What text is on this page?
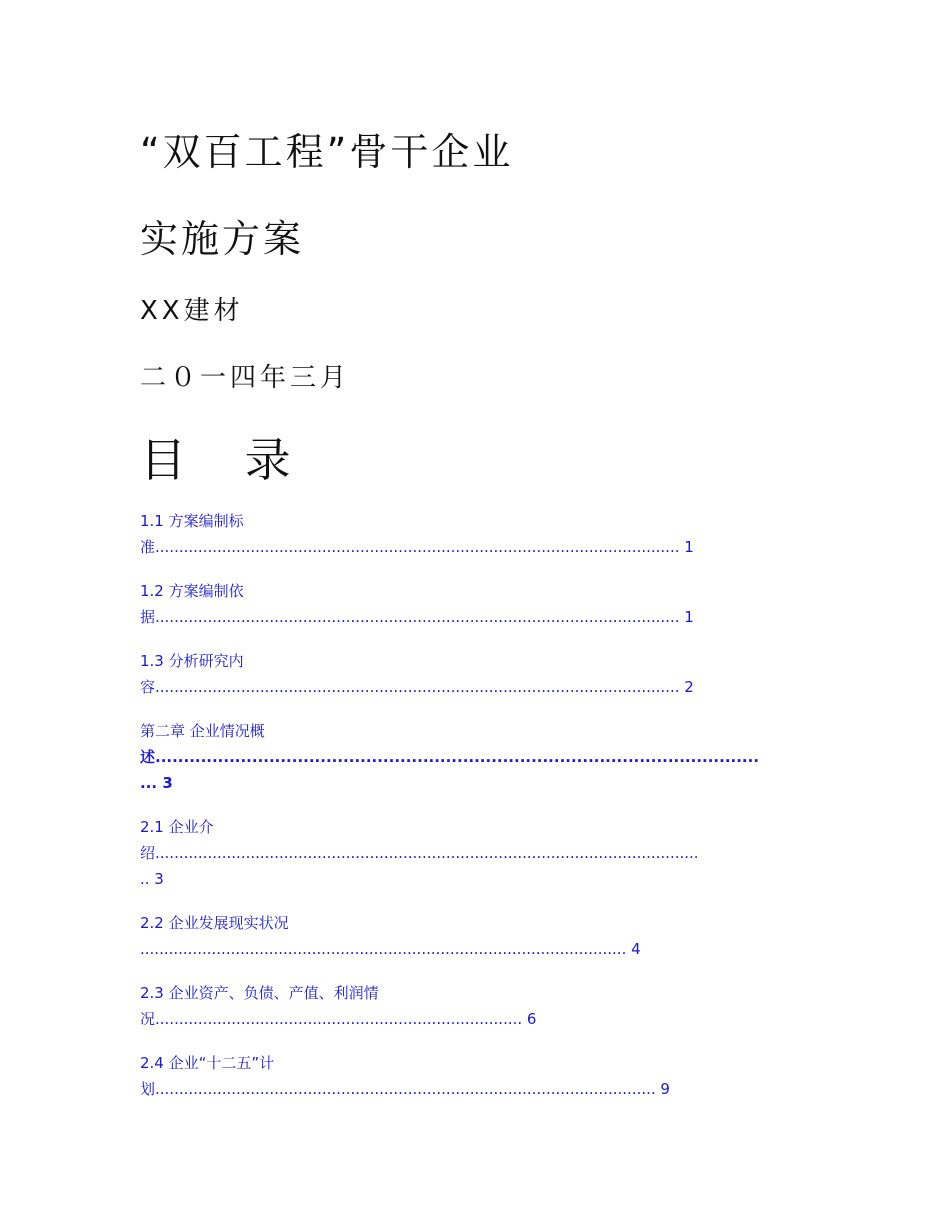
“双百工程”骨干企业
实施方案

XX建材

二０一四年三月

目 录
1.1 方案编制标
准.............................................................................................................. 1
1.2 方案编制依
据.............................................................................................................. 1
1.3 分析研究内
容.............................................................................................................. 2
第二章 企业情况概
述..........................................................................................................
... 3
2.1 企业介
绍..................................................................................................................
.. 3
2.2 企业发展现实状况
...................................................................................................... 4
2.3 企业资产、负债、产值、利润情
况............................................................................. 6
2.4 企业“十二五”计
划......................................................................................................... 9
